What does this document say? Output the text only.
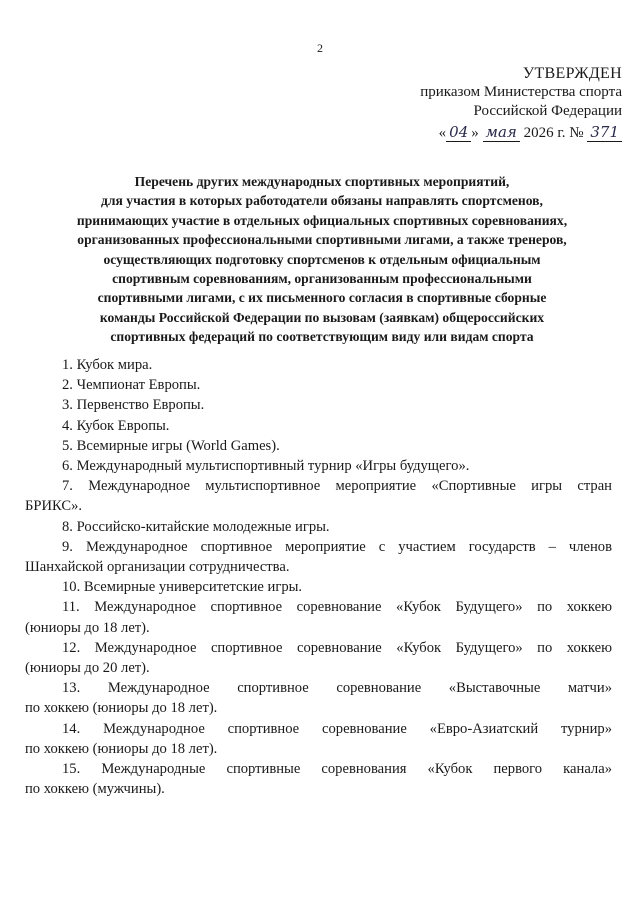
2
УТВЕРЖДЕН
приказом Министерства спорта
Российской Федерации
« 04 » мая 2026 г. № 371
Перечень других международных спортивных мероприятий,
для участия в которых работодатели обязаны направлять спортсменов,
принимающих участие в отдельных официальных спортивных соревнованиях,
организованных профессиональными спортивными лигами, а также тренеров,
осуществляющих подготовку спортсменов к отдельным официальным
спортивным соревнованиям, организованным профессиональными
спортивными лигами, с их письменного согласия в спортивные сборные
команды Российской Федерации по вызовам (заявкам) общероссийских
спортивных федераций по соответствующим виду или видам спорта
1. Кубок мира.
2. Чемпионат Европы.
3. Первенство Европы.
4. Кубок Европы.
5. Всемирные игры (World Games).
6. Международный мультиспортивный турнир «Игры будущего».
7. Международное мультиспортивное мероприятие «Спортивные игры стран
БРИКС».
8. Российско-китайские молодежные игры.
9. Международное спортивное мероприятие с участием государств – членов
Шанхайской организации сотрудничества.
10. Всемирные университетские игры.
11. Международное спортивное соревнование «Кубок Будущего» по хоккею
(юниоры до 18 лет).
12. Международное спортивное соревнование «Кубок Будущего» по хоккею
(юниоры до 20 лет).
13. Международное спортивное соревнование «Выставочные матчи»
по хоккею (юниоры до 18 лет).
14. Международное спортивное соревнование «Евро-Азиатский турнир»
по хоккею (юниоры до 18 лет).
15. Международные спортивные соревнования «Кубок первого канала»
по хоккею (мужчины).
